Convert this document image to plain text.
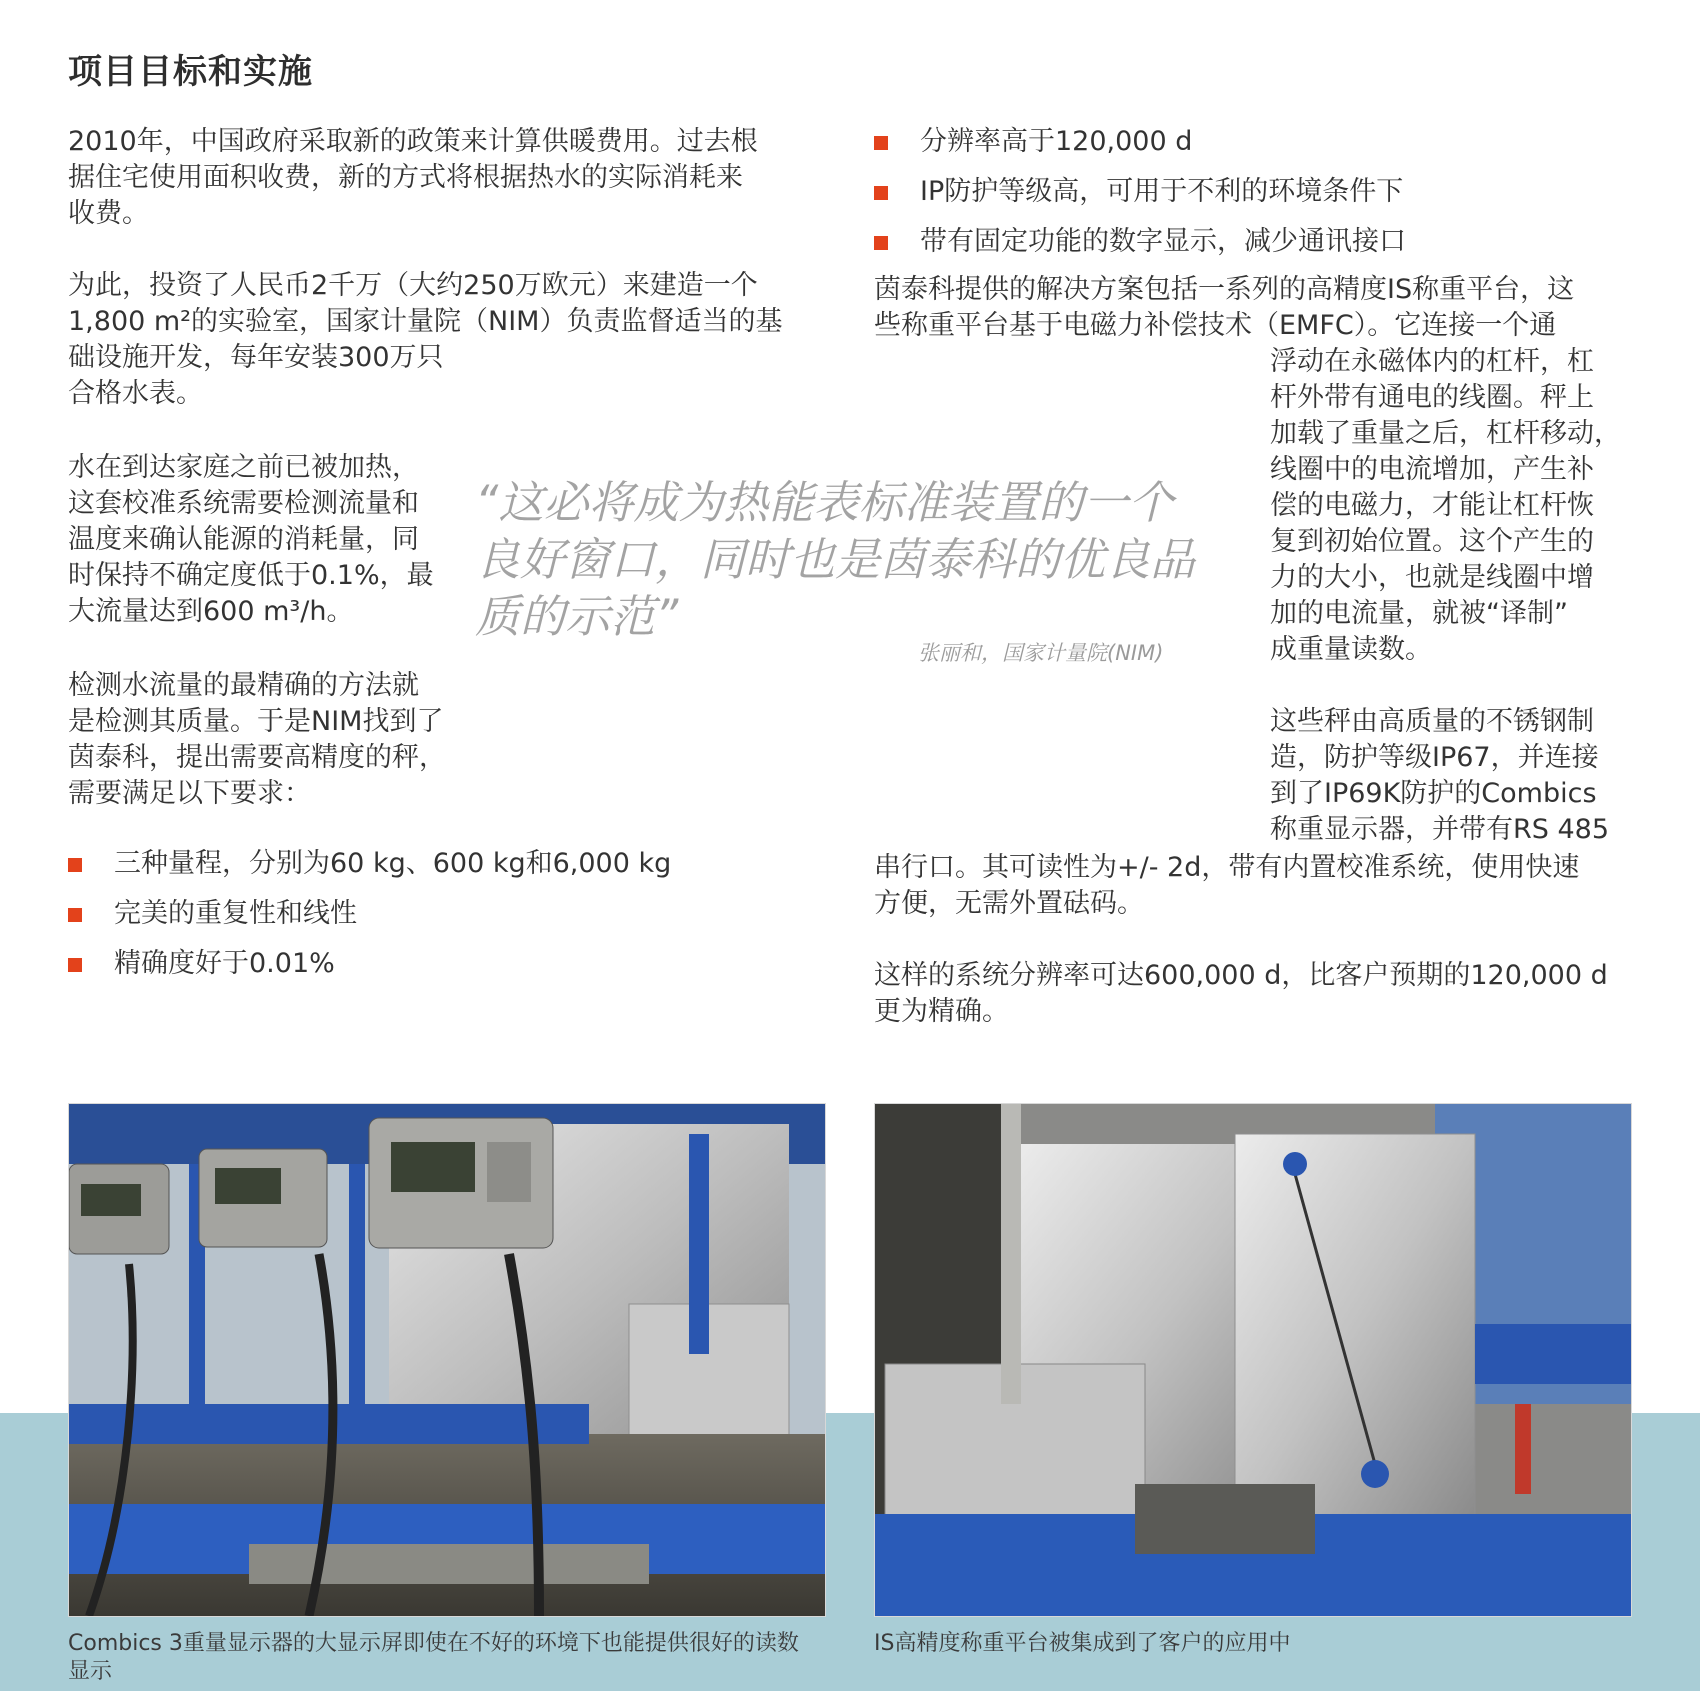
项目目标和实施

2010年，中国政府采取新的政策来计算供暖费用。过去根
据住宅使用面积收费，新的方式将根据热水的实际消耗来
收费。

为此，投资了人民币2千万（大约250万欧元）来建造一个
1,800 m²的实验室，国家计量院（NIM）负责监督适当的基
础设施开发，每年安装300万只
合格水表。

水在到达家庭之前已被加热，
这套校准系统需要检测流量和
温度来确认能源的消耗量，同
时保持不确定度低于0.1%，最
大流量达到600 m³/h。

检测水流量的最精确的方法就
是检测其质量。于是NIM找到了
茵泰科，提出需要高精度的秤，
需要满足以下要求：

三种量程，分别为60 kg、600 kg和6,000 kg
完美的重复性和线性
精确度好于0.01%
分辨率高于120,000 d
IP防护等级高，可用于不利的环境条件下
带有固定功能的数字显示，减少通讯接口

茵泰科提供的解决方案包括一系列的高精度IS称重平台，这
些称重平台基于电磁力补偿技术（EMFC）。它连接一个通

浮动在永磁体内的杠杆，杠
杆外带有通电的线圈。秤上
加载了重量之后，杠杆移动，
线圈中的电流增加，产生补
偿的电磁力，才能让杠杆恢
复到初始位置。这个产生的
力的大小，也就是线圈中增
加的电流量，就被“译制”
成重量读数。

这些秤由高质量的不锈钢制
造，防护等级IP67，并连接
到了IP69K防护的Combics
称重显示器，并带有RS 485

串行口。其可读性为+/- 2d，带有内置校准系统，使用快速
方便，无需外置砝码。

这样的系统分辨率可达600,000 d，比客户预期的120,000 d
更为精确。

“这必将成为热能表标准装置的一个
良好窗口，同时也是茵泰科的优良品
质的示范”

张丽和，国家计量院(NIM)

Combics 3重量显示器的大显示屏即使在不好的环境下也能提供很好的读数
显示

IS高精度称重平台被集成到了客户的应用中
